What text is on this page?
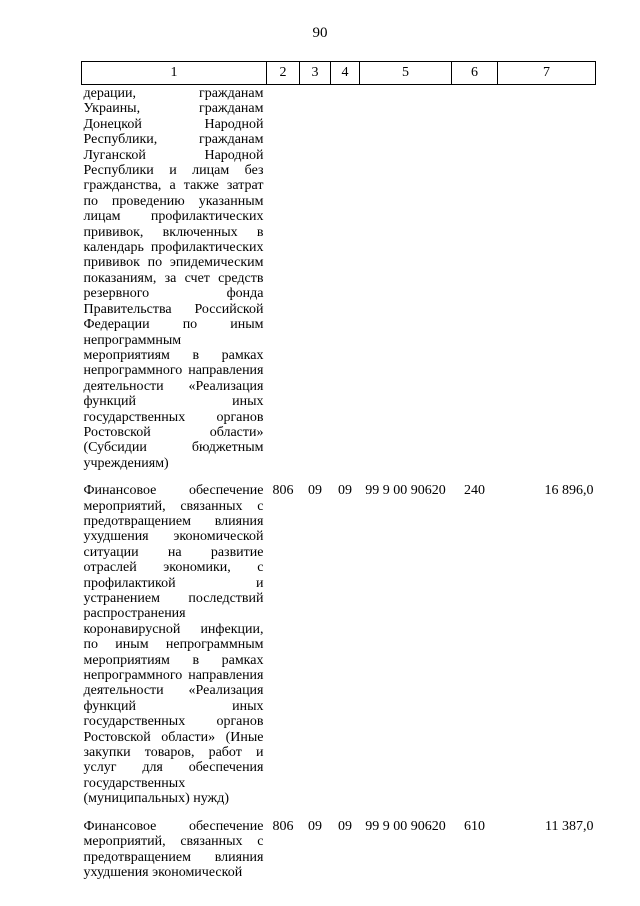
90
1	2	3	4	5	6	7
дерации, гражданам Украины, гражданам Донецкой Народной Республики, гражданам Луганской Народной Республики и лицам без гражданства, а также затрат по проведению указанным лицам профилактических прививок, включенных в календарь профилактических прививок по эпидемическим показаниям, за счет средств резервного фонда Правительства Российской Федерации по иным непрограммным мероприятиям в рамках непрограммного направления деятельности «Реализация функций иных государственных органов Ростовской области» (Субсидии бюджетным учреждениям)						
Финансовое обеспечение мероприятий, связанных с предотвращением влияния ухудшения экономической ситуации на развитие отраслей экономики, с профилактикой и устранением последствий распространения коронавирусной инфекции, по иным непрограммным мероприятиям в рамках непрограммного направления деятельности «Реализация функций иных государственных органов Ростовской области» (Иные закупки товаров, работ и услуг для обеспечения государственных (муниципальных) нужд)	806	09	09	99 9 00 90620	240	16 896,0
Финансовое обеспечение мероприятий, связанных с предотвращением влияния ухудшения экономической	806	09	09	99 9 00 90620	610	11 387,0
